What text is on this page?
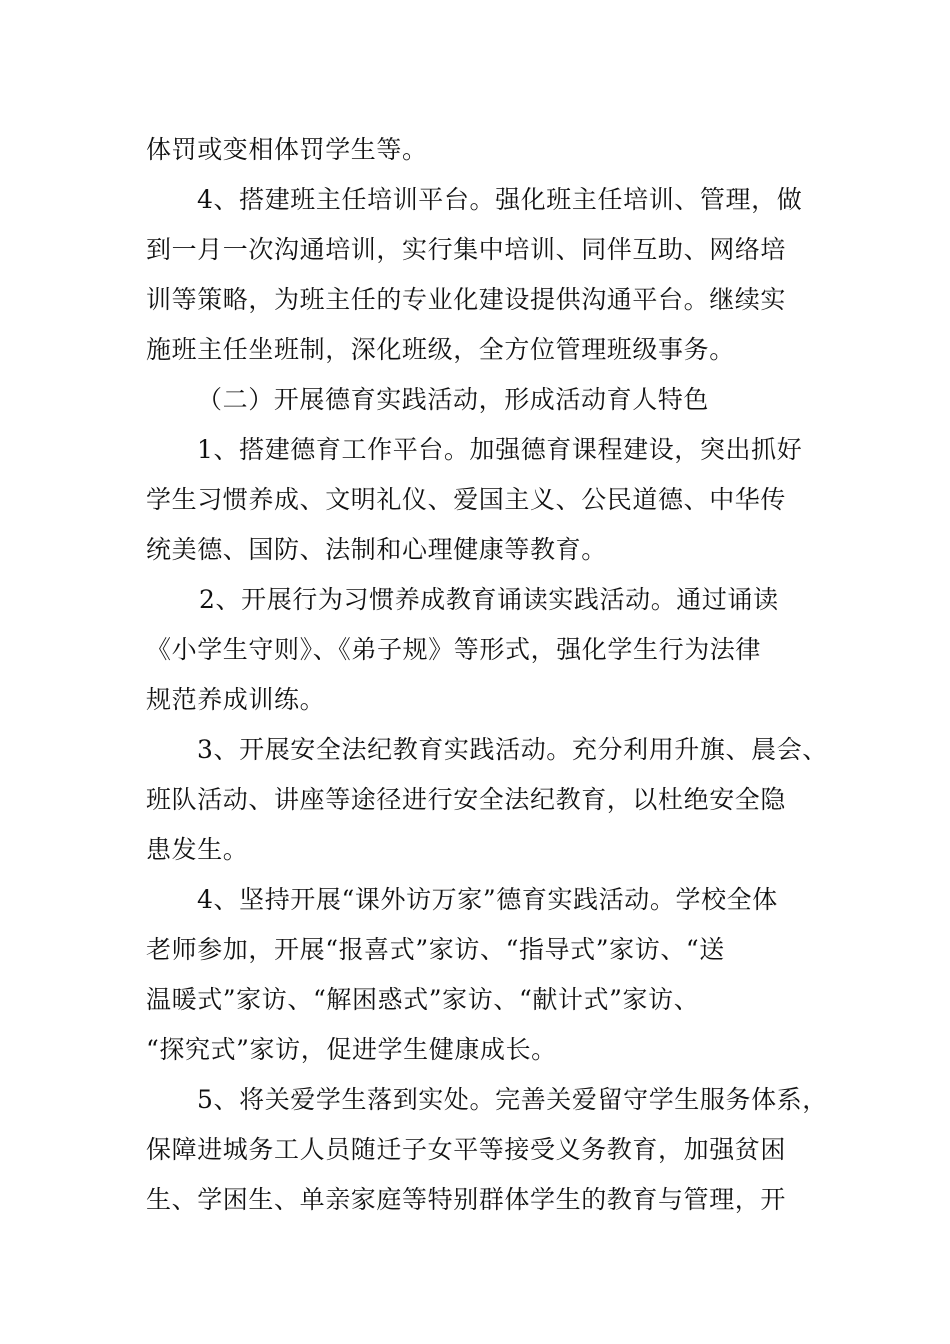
体罚或变相体罚学生等。
4、搭建班主任培训平台。强化班主任培训、管理，做
到一月一次沟通培训，实行集中培训、同伴互助、网络培
训等策略，为班主任的专业化建设提供沟通平台。继续实
施班主任坐班制，深化班级，全方位管理班级事务。
（二）开展德育实践活动，形成活动育人特色
1、搭建德育工作平台。加强德育课程建设，突出抓好
学生习惯养成、文明礼仪、爱国主义、公民道德、中华传
统美德、国防、法制和心理健康等教育。
2、开展行为习惯养成教育诵读实践活动。通过诵读
《小学生守则》、《弟子规》等形式，强化学生行为法律
规范养成训练。
3、开展安全法纪教育实践活动。充分利用升旗、晨会、
班队活动、讲座等途径进行安全法纪教育，以杜绝安全隐
患发生。
4、坚持开展“课外访万家”德育实践活动。学校全体
老师参加，开展“报喜式”家访、“指导式”家访、“送
温暖式”家访、“解困惑式”家访、“献计式”家访、
“探究式”家访，促进学生健康成长。
5、将关爱学生落到实处。完善关爱留守学生服务体系，
保障进城务工人员随迁子女平等接受义务教育，加强贫困
生、学困生、单亲家庭等特别群体学生的教育与管理，开
